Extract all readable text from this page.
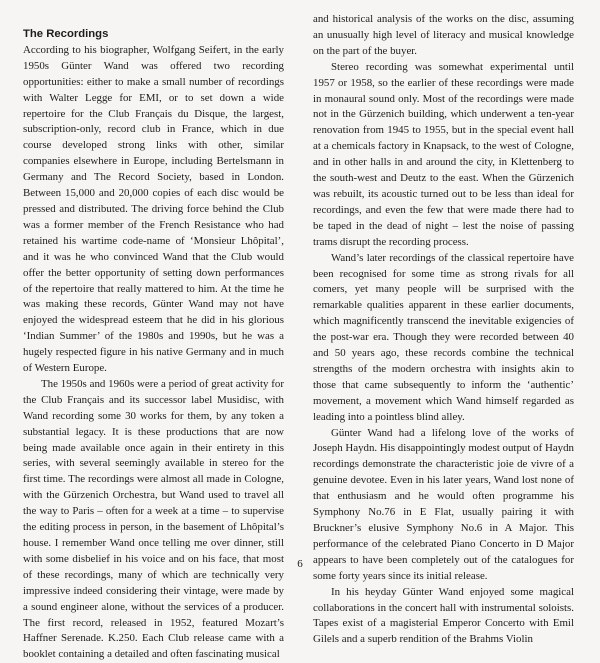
The Recordings

According to his biographer, Wolfgang Seifert, in the early 1950s Günter Wand was offered two recording opportunities: either to make a small number of recordings with Walter Legge for EMI, or to set down a wide repertoire for the Club Français du Disque, the largest, subscription-only, record club in France, which in due course developed strong links with other, similar companies elsewhere in Europe, including Bertelsmann in Germany and The Record Society, based in London. Between 15,000 and 20,000 copies of each disc would be pressed and distributed. The driving force behind the Club was a former member of the French Resistance who had retained his wartime code-name of ‘Monsieur Lhôpital’, and it was he who convinced Wand that the Club would offer the better opportunity of setting down performances of the repertoire that really mattered to him. At the time he was making these records, Günter Wand may not have enjoyed the widespread esteem that he did in his glorious ‘Indian Summer’ of the 1980s and 1990s, but he was a hugely respected figure in his native Germany and in much of Western Europe.

The 1950s and 1960s were a period of great activity for the Club Français and its successor label Musidisc, with Wand recording some 30 works for them, by any token a substantial legacy. It is these productions that are now being made available once again in their entirety in this series, with several seemingly available in stereo for the first time. The recordings were almost all made in Cologne, with the Gürzenich Orchestra, but Wand used to travel all the way to Paris – often for a week at a time – to supervise the editing process in person, in the basement of Lhôpital’s house. I remember Wand once telling me over dinner, still with some disbelief in his voice and on his face, that most of these recordings, many of which are technically very impressive indeed considering their vintage, were made by a sound engineer alone, without the services of a producer. The first record, released in 1952, featured Mozart’s Haffner Serenade. K.250. Each Club release came with a booklet containing a detailed and often fascinating musical

and historical analysis of the works on the disc, assuming an unusually high level of literacy and musical knowledge on the part of the buyer.

Stereo recording was somewhat experimental until 1957 or 1958, so the earlier of these recordings were made in monaural sound only. Most of the recordings were made not in the Gürzenich building, which underwent a ten-year renovation from 1945 to 1955, but in the special event hall at a chemicals factory in Knapsack, to the west of Cologne, and in other halls in and around the city, in Klettenberg to the south-west and Deutz to the east. When the Gürzenich was rebuilt, its acoustic turned out to be less than ideal for recordings, and even the few that were made there had to be taped in the dead of night – lest the noise of passing trams disrupt the recording process.

Wand’s later recordings of the classical repertoire have been recognised for some time as strong rivals for all comers, yet many people will be surprised with the remarkable qualities apparent in these earlier documents, which magnificently transcend the inevitable exigencies of the post-war era. Though they were recorded between 40 and 50 years ago, these records combine the technical strengths of the modern orchestra with insights akin to those that came subsequently to inform the ‘authentic’ movement, a movement which Wand himself regarded as leading into a pointless blind alley.

Günter Wand had a lifelong love of the works of Joseph Haydn. His disappointingly modest output of Haydn recordings demonstrate the characteristic joie de vivre of a genuine devotee. Even in his later years, Wand lost none of that enthusiasm and he would often programme his Symphony No.76 in E Flat, usually pairing it with Bruckner’s elusive Symphony No.6 in A Major. This performance of the celebrated Piano Concerto in D Major appears to have been completely out of the catalogues for some forty years since its initial release.

In his heyday Günter Wand enjoyed some magical collaborations in the concert hall with instrumental soloists. Tapes exist of a magisterial Emperor Concerto with Emil Gilels and a superb rendition of the Brahms Violin

6
